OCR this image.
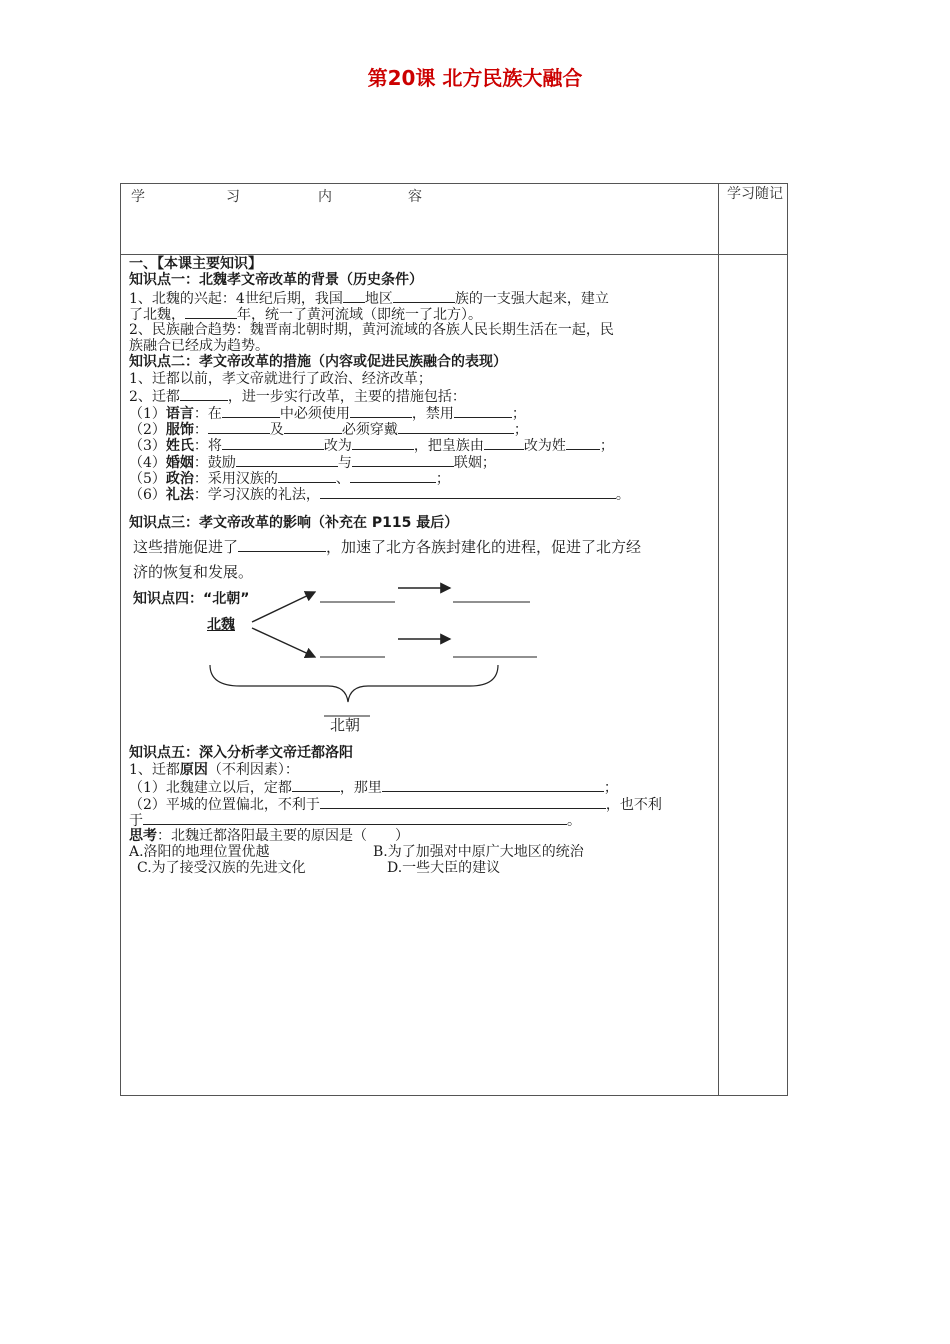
第20课 北方民族大融合
学	习	内	容	学习随记
一、【本课主要知识】
知识点一：北魏孝文帝改革的背景（历史条件）
1、北魏的兴起：4世纪后期，我国 地区	族的一支强大起来，建立
了北魏，	年，统一了黄河流域（即统一了北方）。
2、民族融合趋势：魏晋南北朝时期，黄河流域的各族人民长期生活在一起，民
族融合已经成为趋势。
知识点二：孝文帝改革的措施（内容或促进民族融合的表现）
1、迁都以前，孝文帝就进行了政治、经济改革；
2、迁都	，进一步实行改革，主要的措施包括：
（1）语言：在	中必须使用	，禁用	；
（2）服饰：	及	必须穿戴	；
（3）姓氏：将	改为	，把皇族由	改为姓 ；
（4）婚姻：鼓励	与	联姻；
（5）政治：采用汉族的	、	；
（6）礼法：学习汉族的礼法，	。
知识点三：孝文帝改革的影响（补充在 P115 最后）
这些措施促进了	，加速了北方各族封建化的进程，促进了北方经
济的恢复和发展。
知识点四：“北朝”
北魏
北朝
知识点五：深入分析孝文帝迁都洛阳
1、迁都原因（不利因素）：
（1）北魏建立以后，定都	，那里	；
（2）平城的位置偏北，不利于	，也不利
于	。
思考：北魏迁都洛阳最主要的原因是（　　）
A.洛阳的地理位置优越	B.为了加强对中原广大地区的统治
C.为了接受汉族的先进文化	D.一些大臣的建议
